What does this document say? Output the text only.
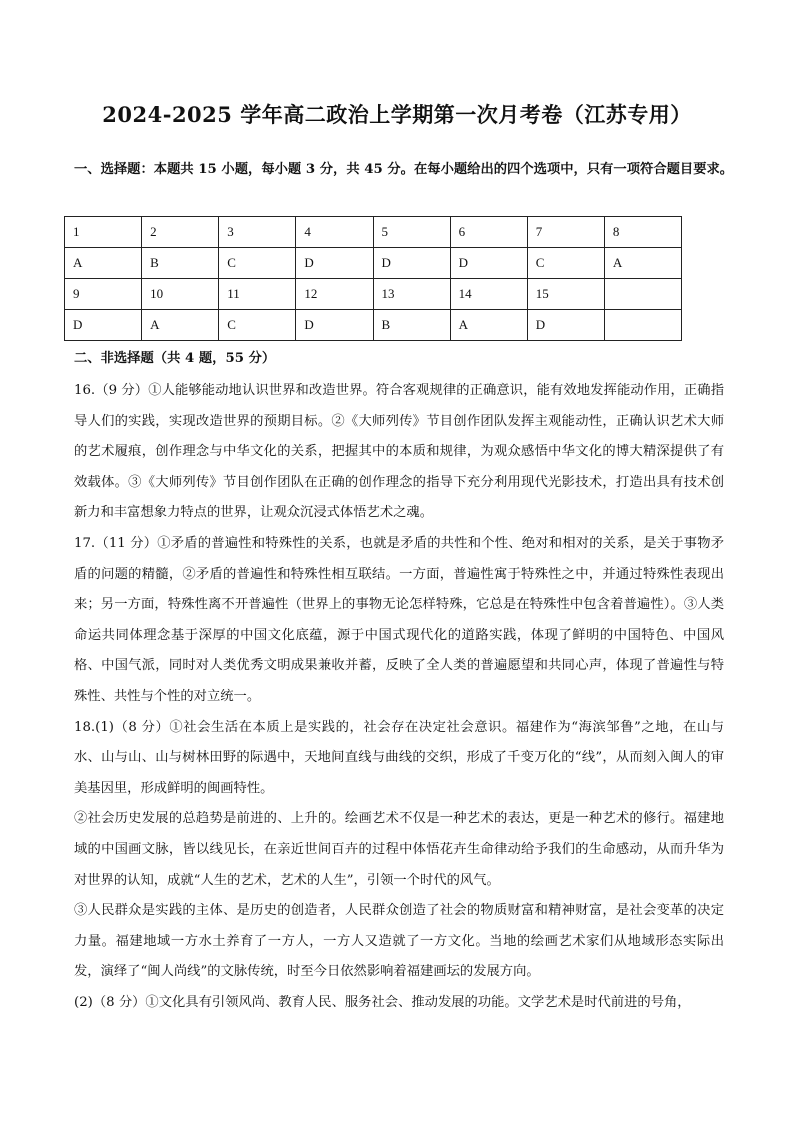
2024-2025 学年高二政治上学期第一次月考卷（江苏专用）
一、选择题：本题共 15 小题，每小题 3 分，共 45 分。在每小题给出的四个选项中，只有一项符合题目要求。
1	2	3	4	5	6	7	8
A	B	C	D	D	D	C	A
9	10	11	12	13	14	15	
D	A	C	D	B	A	D	
二、非选择题（共 4 题，55 分）

16.（9 分）①人能够能动地认识世界和改造世界。符合客观规律的正确意识，能有效地发挥能动作用，正确指导人们的实践，实现改造世界的预期目标。②《大师列传》节目创作团队发挥主观能动性，正确认识艺术大师的艺术履痕，创作理念与中华文化的关系，把握其中的本质和规律，为观众感悟中华文化的博大精深提供了有效载体。③《大师列传》节目创作团队在正确的创作理念的指导下充分利用现代光影技术，打造出具有技术创新力和丰富想象力特点的世界，让观众沉浸式体悟艺术之魂。

17.（11 分）①矛盾的普遍性和特殊性的关系，也就是矛盾的共性和个性、绝对和相对的关系，是关于事物矛盾的问题的精髓，②矛盾的普遍性和特殊性相互联结。一方面，普遍性寓于特殊性之中，并通过特殊性表现出来；另一方面，特殊性离不开普遍性（世界上的事物无论怎样特殊，它总是在特殊性中包含着普遍性）。③人类命运共同体理念基于深厚的中国文化底蕴，源于中国式现代化的道路实践，体现了鲜明的中国特色、中国风格、中国气派，同时对人类优秀文明成果兼收并蓄，反映了全人类的普遍愿望和共同心声，体现了普遍性与特殊性、共性与个性的对立统一。

18.(1)（8 分）①社会生活在本质上是实践的，社会存在决定社会意识。福建作为“海滨邹鲁”之地，在山与水、山与山、山与树林田野的际遇中，天地间直线与曲线的交织，形成了千变万化的“线”，从而刻入闽人的审美基因里，形成鲜明的闽画特性。

②社会历史发展的总趋势是前进的、上升的。绘画艺术不仅是一种艺术的表达，更是一种艺术的修行。福建地域的中国画文脉，皆以线见长，在亲近世间百卉的过程中体悟花卉生命律动给予我们的生命感动，从而升华为对世界的认知，成就“人生的艺术，艺术的人生”，引领一个时代的风气。

③人民群众是实践的主体、是历史的创造者，人民群众创造了社会的物质财富和精神财富，是社会变革的决定力量。福建地域一方水土养育了一方人，一方人又造就了一方文化。当地的绘画艺术家们从地域形态实际出发，演绎了“闽人尚线”的文脉传统，时至今日依然影响着福建画坛的发展方向。

(2)（8 分）①文化具有引领风尚、教育人民、服务社会、推动发展的功能。文学艺术是时代前进的号角，
